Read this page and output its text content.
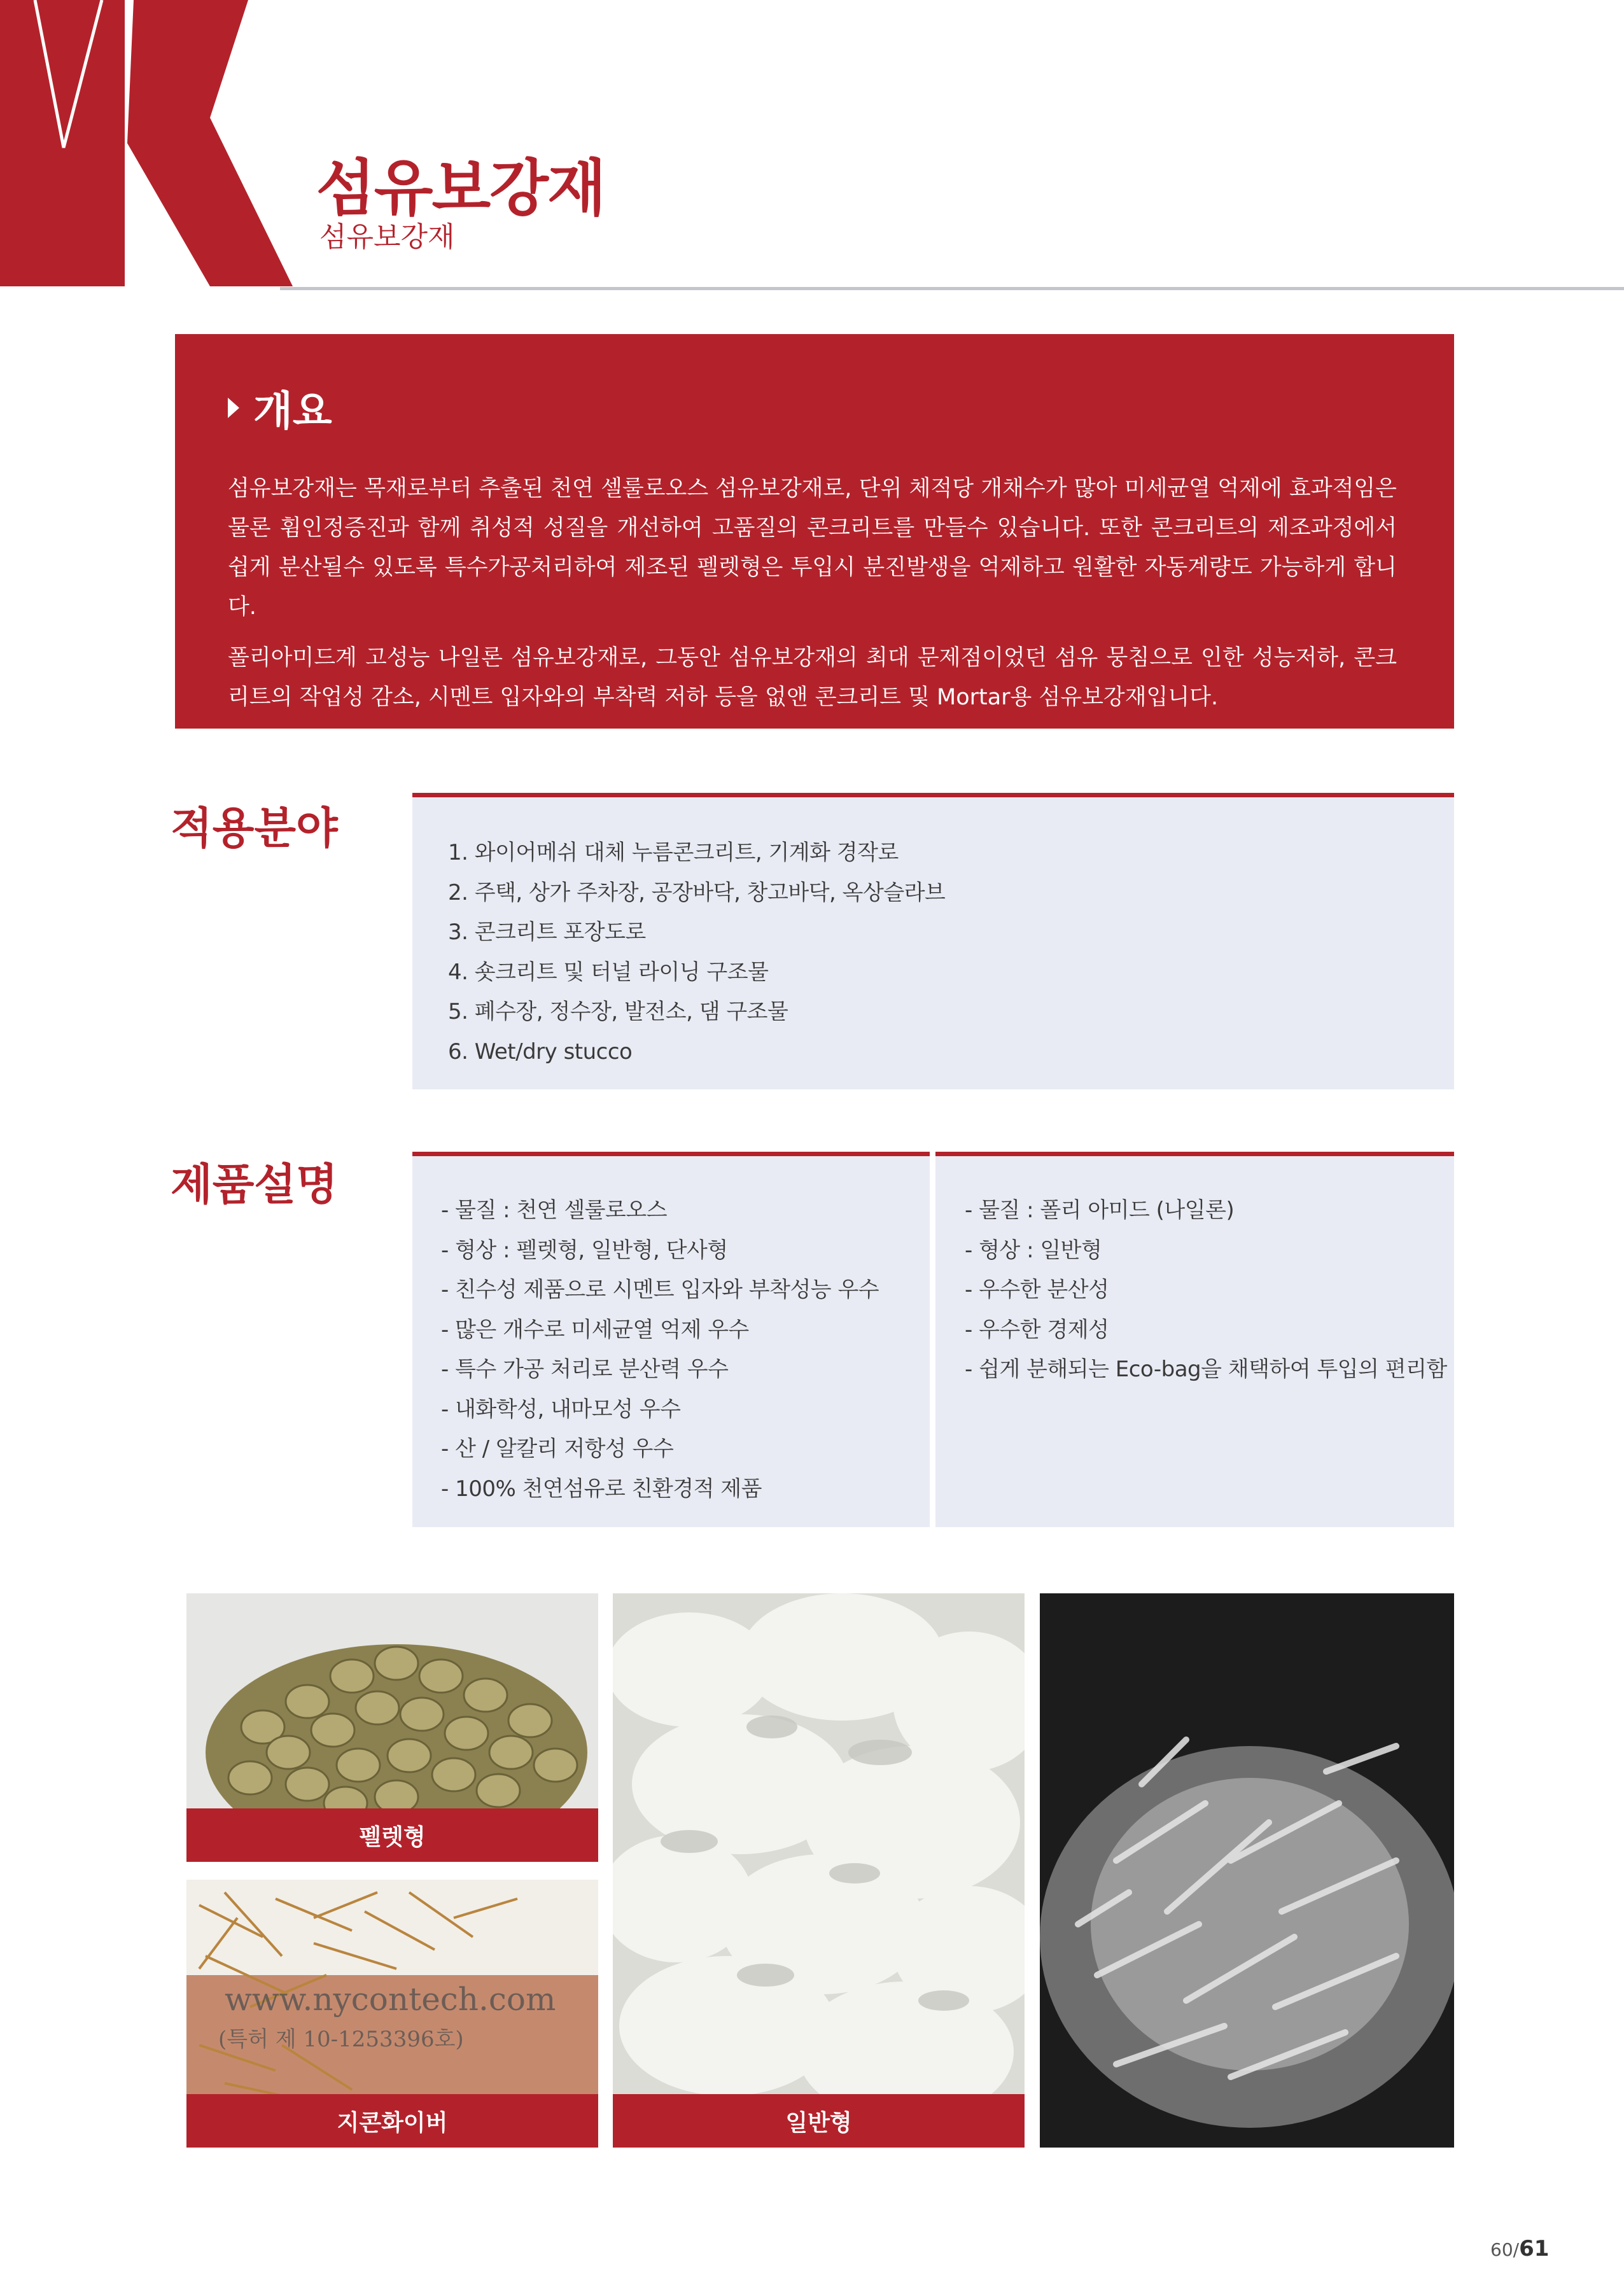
섬유보강재
섬유보강재
개요

섬유보강재는 목재로부터 추출된 천연 셀룰로오스 섬유보강재로, 단위 체적당 개채수가 많아 미세균열 억제에 효과적임은 물론 휨인정증진과 함께 취성적 성질을 개선하여 고품질의 콘크리트를 만들수 있습니다. 또한 콘크리트의 제조과정에서 쉽게 분산될수 있도록 특수가공처리하여 제조된 펠렛형은 투입시 분진발생을 억제하고 원활한 자동계량도 가능하게 합니다.

폴리아미드계 고성능 나일론 섬유보강재로, 그동안 섬유보강재의 최대 문제점이었던 섬유 뭉침으로 인한 성능저하, 콘크리트의 작업성 감소, 시멘트 입자와의 부착력 저하 등을 없앤 콘크리트 및 Mortar용 섬유보강재입니다.

적용분야	1. 와이어메쉬 대체 누름콘크리트, 기계화 경작로
2. 주택, 상가 주차장, 공장바닥, 창고바닥, 옥상슬라브
3. 콘크리트 포장도로
4. 숏크리트 및 터널 라이닝 구조물
5. 폐수장, 정수장, 발전소, 댐 구조물
6. Wet/dry stucco
제품설명	- 물질 : 천연 셀룰로오스
- 형상 : 펠렛형, 일반형, 단사형
- 친수성 제품으로 시멘트 입자와 부착성능 우수
- 많은 개수로 미세균열 억제 우수
- 특수 가공 처리로 분산력 우수
- 내화학성, 내마모성 우수
- 산 / 알칼리 저항성 우수
- 100% 천연섬유로 친환경적 제품
- 물질 : 폴리 아미드 (나일론)
- 형상 : 일반형
- 우수한 분산성
- 우수한 경제성
- 쉽게 분해되는 Eco-bag을 채택하여 투입의 편리함
펠렛형
www.nycontech.com
(특허 제 10-1253396호)
지콘화이버	일반형
60/61
